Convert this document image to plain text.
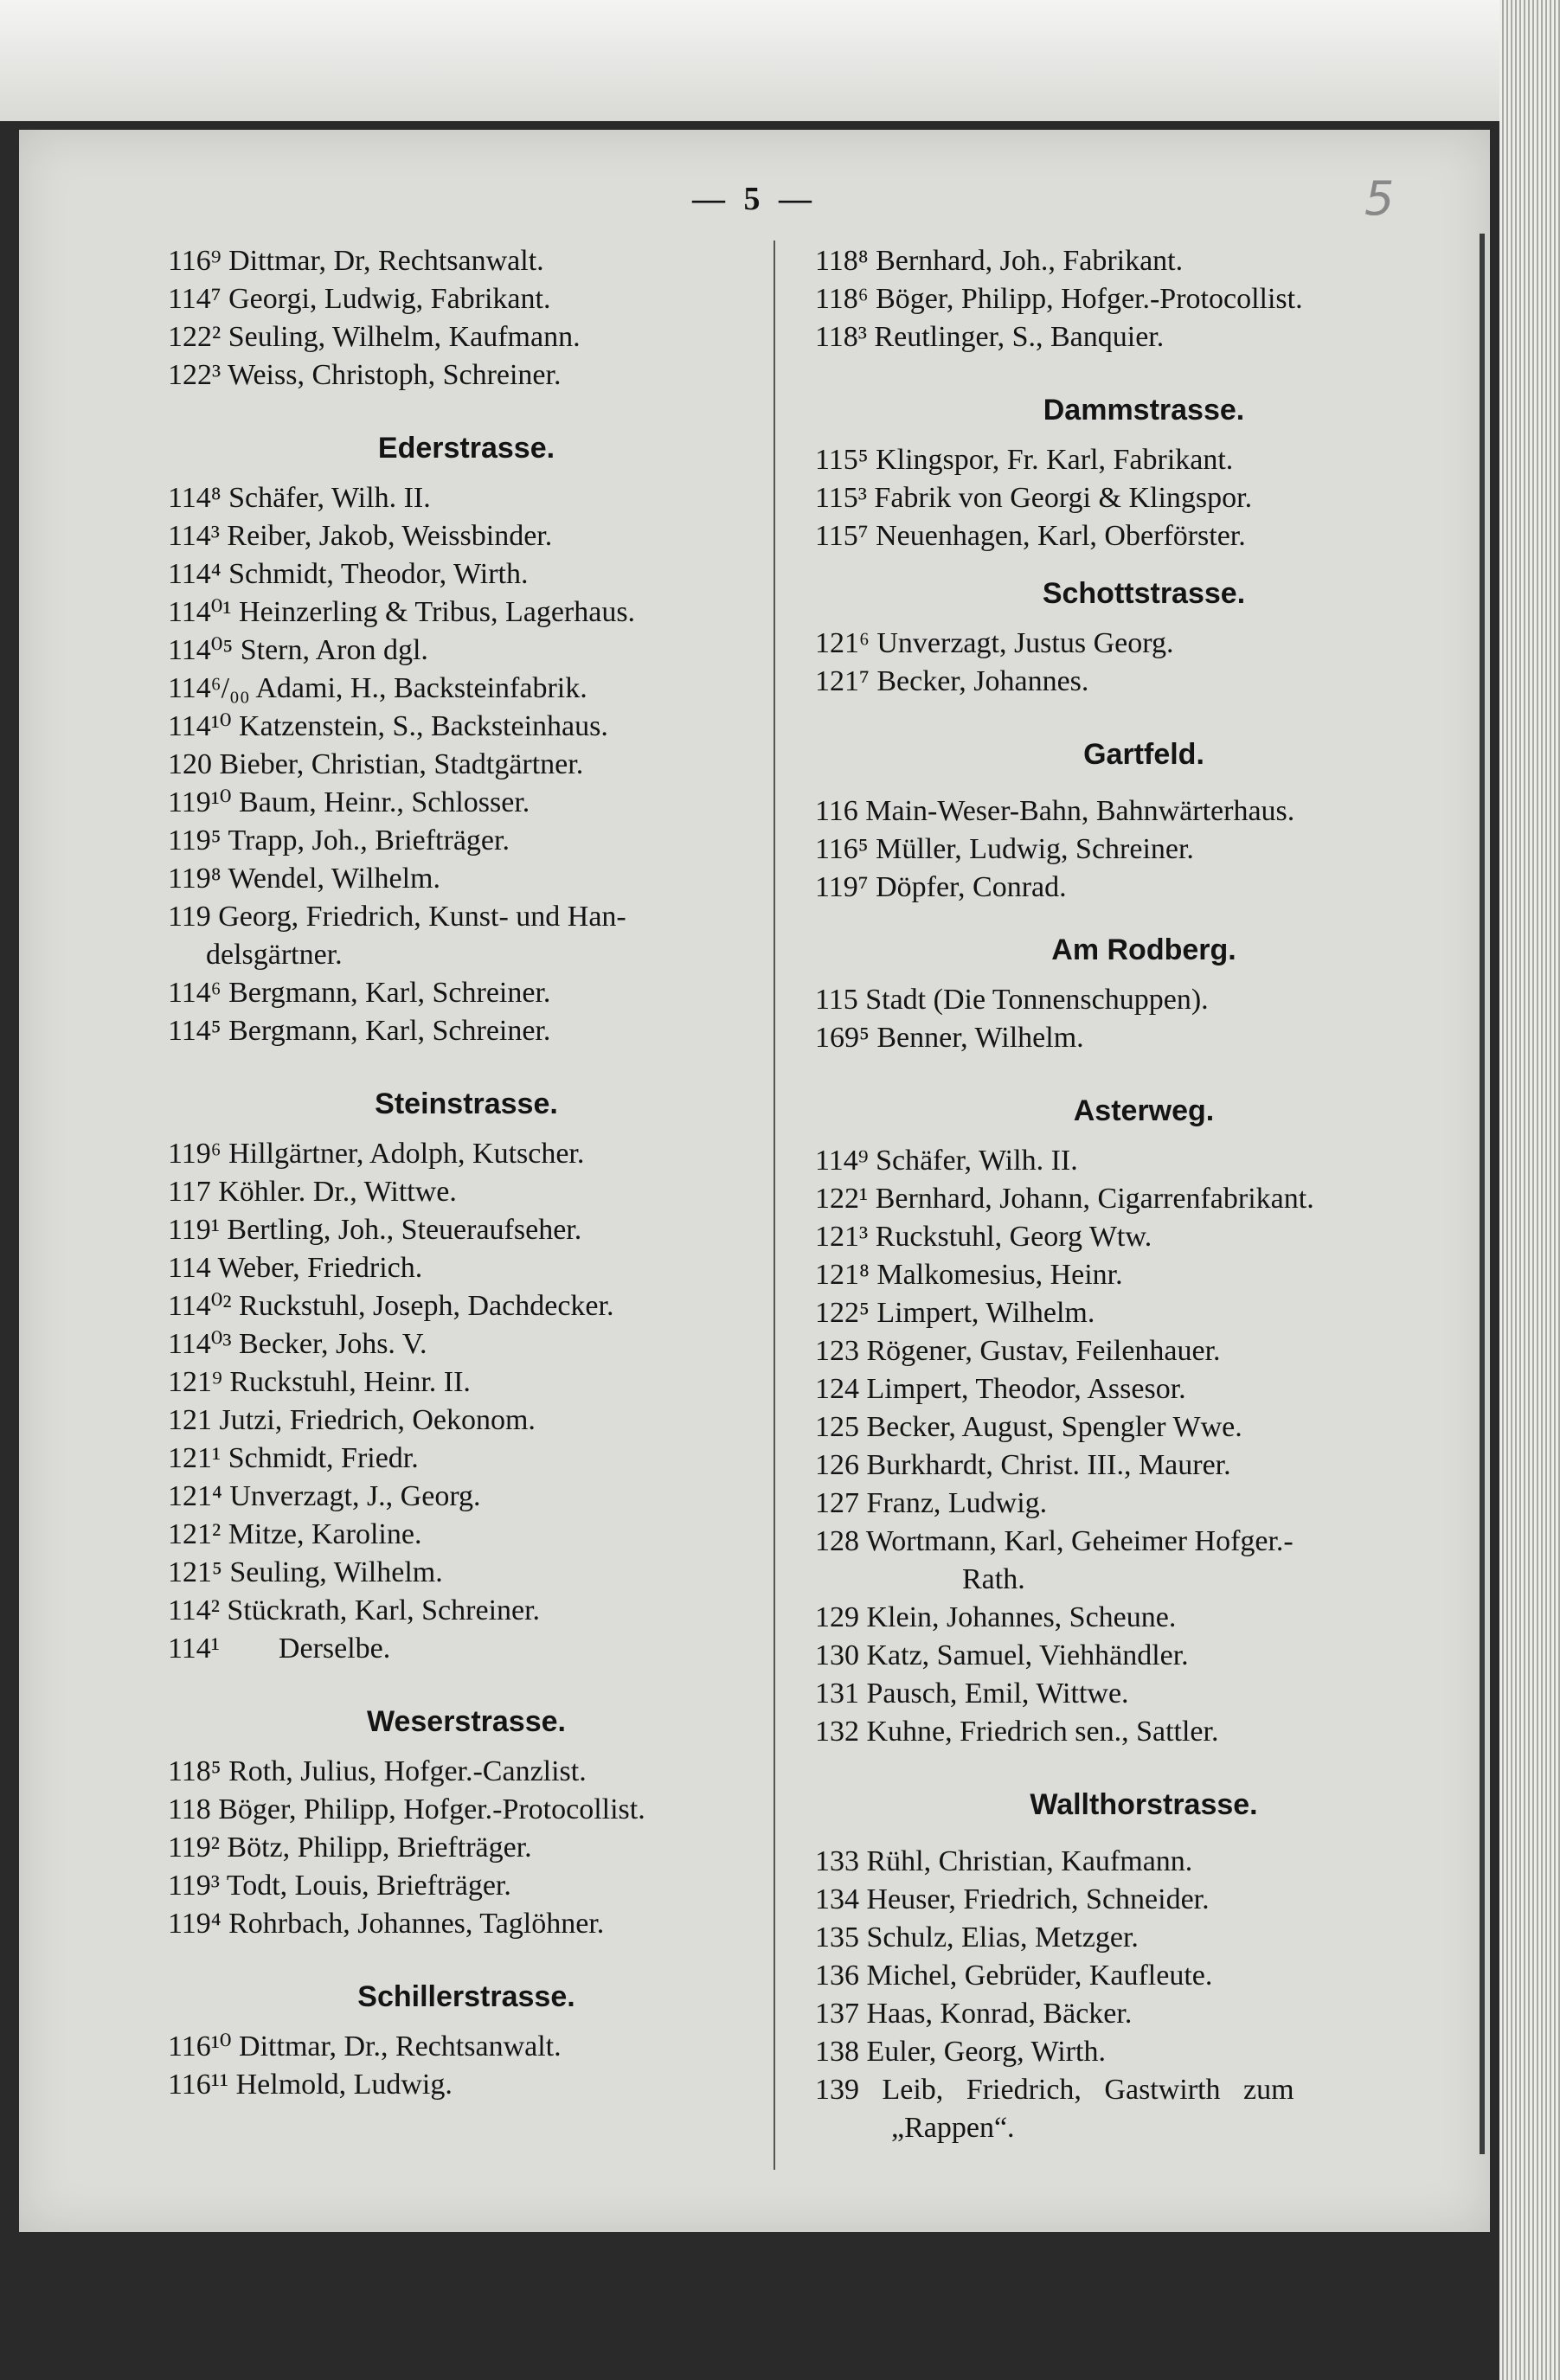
— 5 —	5
116⁹ Dittmar, Dr, Rechtsanwalt.
114⁷ Georgi, Ludwig, Fabrikant.
122² Seuling, Wilhelm, Kaufmann.
122³ Weiss, Christoph, Schreiner.
Ederstrasse.
114⁸ Schäfer, Wilh. II.
114³ Reiber, Jakob, Weissbinder.
114⁴ Schmidt, Theodor, Wirth.
114⁰¹ Heinzerling & Tribus, Lagerhaus.
114⁰⁵ Stern, Aron dgl.
114⁶/₀₀ Adami, H., Backsteinfabrik.
114¹⁰ Katzenstein, S., Backsteinhaus.
120 Bieber, Christian, Stadtgärtner.
119¹⁰ Baum, Heinr., Schlosser.
119⁵ Trapp, Joh., Briefträger.
119⁸ Wendel, Wilhelm.
119 Georg, Friedrich, Kunst- und Han-
delsgärtner.
114⁶ Bergmann, Karl, Schreiner.
114⁵ Bergmann, Karl, Schreiner.
Steinstrasse.
119⁶ Hillgärtner, Adolph, Kutscher.
117 Köhler. Dr., Wittwe.
119¹ Bertling, Joh., Steueraufseher.
114 Weber, Friedrich.
114⁰² Ruckstuhl, Joseph, Dachdecker.
114⁰³ Becker, Johs. V.
121⁹ Ruckstuhl, Heinr. II.
121 Jutzi, Friedrich, Oekonom.
121¹ Schmidt, Friedr.
121⁴ Unverzagt, J., Georg.
121² Mitze, Karoline.
121⁵ Seuling, Wilhelm.
114² Stückrath, Karl, Schreiner.
114¹        Derselbe.
Weserstrasse.
118⁵ Roth, Julius, Hofger.-Canzlist.
118 Böger, Philipp, Hofger.-Protocollist.
119² Bötz, Philipp, Briefträger.
119³ Todt, Louis, Briefträger.
119⁴ Rohrbach, Johannes, Taglöhner.
Schillerstrasse.
116¹⁰ Dittmar, Dr., Rechtsanwalt.
116¹¹ Helmold, Ludwig.
118⁸ Bernhard, Joh., Fabrikant.
118⁶ Böger, Philipp, Hofger.-Protocollist.
118³ Reutlinger, S., Banquier.
Dammstrasse.
115⁵ Klingspor, Fr. Karl, Fabrikant.
115³ Fabrik von Georgi & Klingspor.
115⁷ Neuenhagen, Karl, Oberförster.
Schottstrasse.
121⁶ Unverzagt, Justus Georg.
121⁷ Becker, Johannes.
Gartfeld.
116 Main-Weser-Bahn, Bahnwärterhaus.
116⁵ Müller, Ludwig, Schreiner.
119⁷ Döpfer, Conrad.
Am Rodberg.
115 Stadt (Die Tonnenschuppen).
169⁵ Benner, Wilhelm.
Asterweg.
114⁹ Schäfer, Wilh. II.
122¹ Bernhard, Johann, Cigarrenfabrikant.
121³ Ruckstuhl, Georg Wtw.
121⁸ Malkomesius, Heinr.
122⁵ Limpert, Wilhelm.
123 Rögener, Gustav, Feilenhauer.
124 Limpert, Theodor, Assesor.
125 Becker, August, Spengler Wwe.
126 Burkhardt, Christ. III., Maurer.
127 Franz, Ludwig.
128 Wortmann, Karl, Geheimer Hofger.-
Rath.
129 Klein, Johannes, Scheune.
130 Katz, Samuel, Viehhändler.
131 Pausch, Emil, Wittwe.
132 Kuhne, Friedrich sen., Sattler.
Wallthorstrasse.
133 Rühl, Christian, Kaufmann.
134 Heuser, Friedrich, Schneider.
135 Schulz, Elias, Metzger.
136 Michel, Gebrüder, Kaufleute.
137 Haas, Konrad, Bäcker.
138 Euler, Georg, Wirth.
139 Leib, Friedrich, Gastwirth zum
„Rappen“.
